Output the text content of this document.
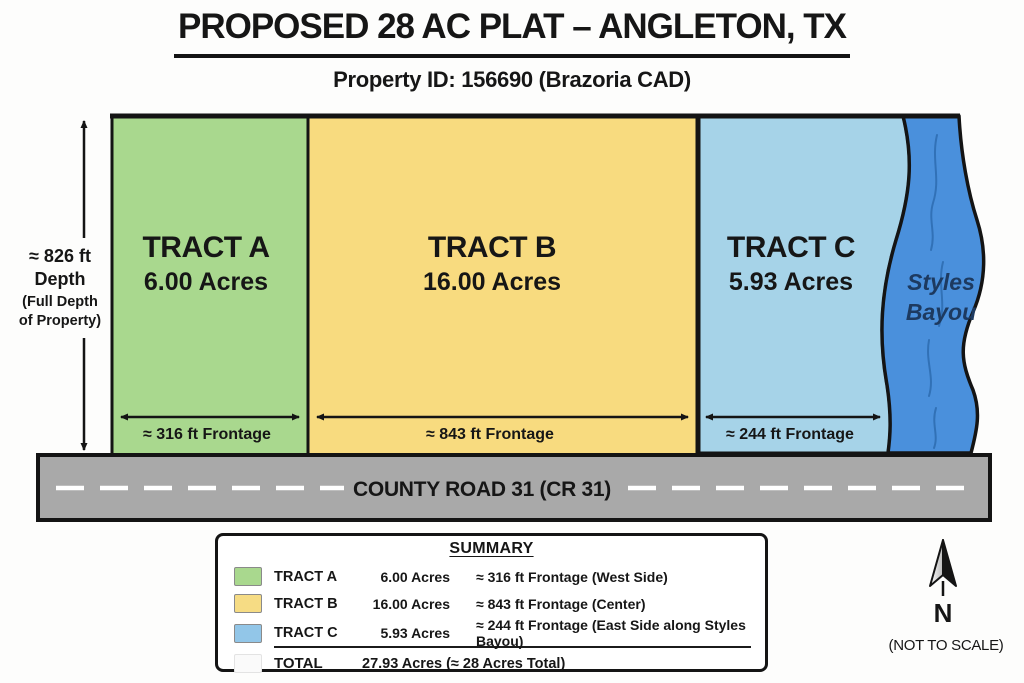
PROPOSED 28 AC PLAT – ANGLETON, TX
Property ID: 156690 (Brazoria CAD)
COUNTY ROAD 31 (CR 31)
≈ 826 ft
Depth
(Full Depth
of Property)
TRACT A
6.00 Acres
TRACT B
16.00 Acres
TRACT C
5.93 Acres
≈ 316 ft Frontage	≈ 843 ft Frontage	≈ 244 ft Frontage
Styles
Bayou
SUMMARY
TRACT A	6.00 Acres ≈ 316 ft Frontage (West Side)
TRACT B	16.00 Acres ≈ 843 ft Frontage (Center)
TRACT C	5.93 Acres ≈ 244 ft Frontage (East Side along Styles Bayou)
TOTAL	27.93 Acres (≈ 28 Acres Total)
N
(NOT TO SCALE)
